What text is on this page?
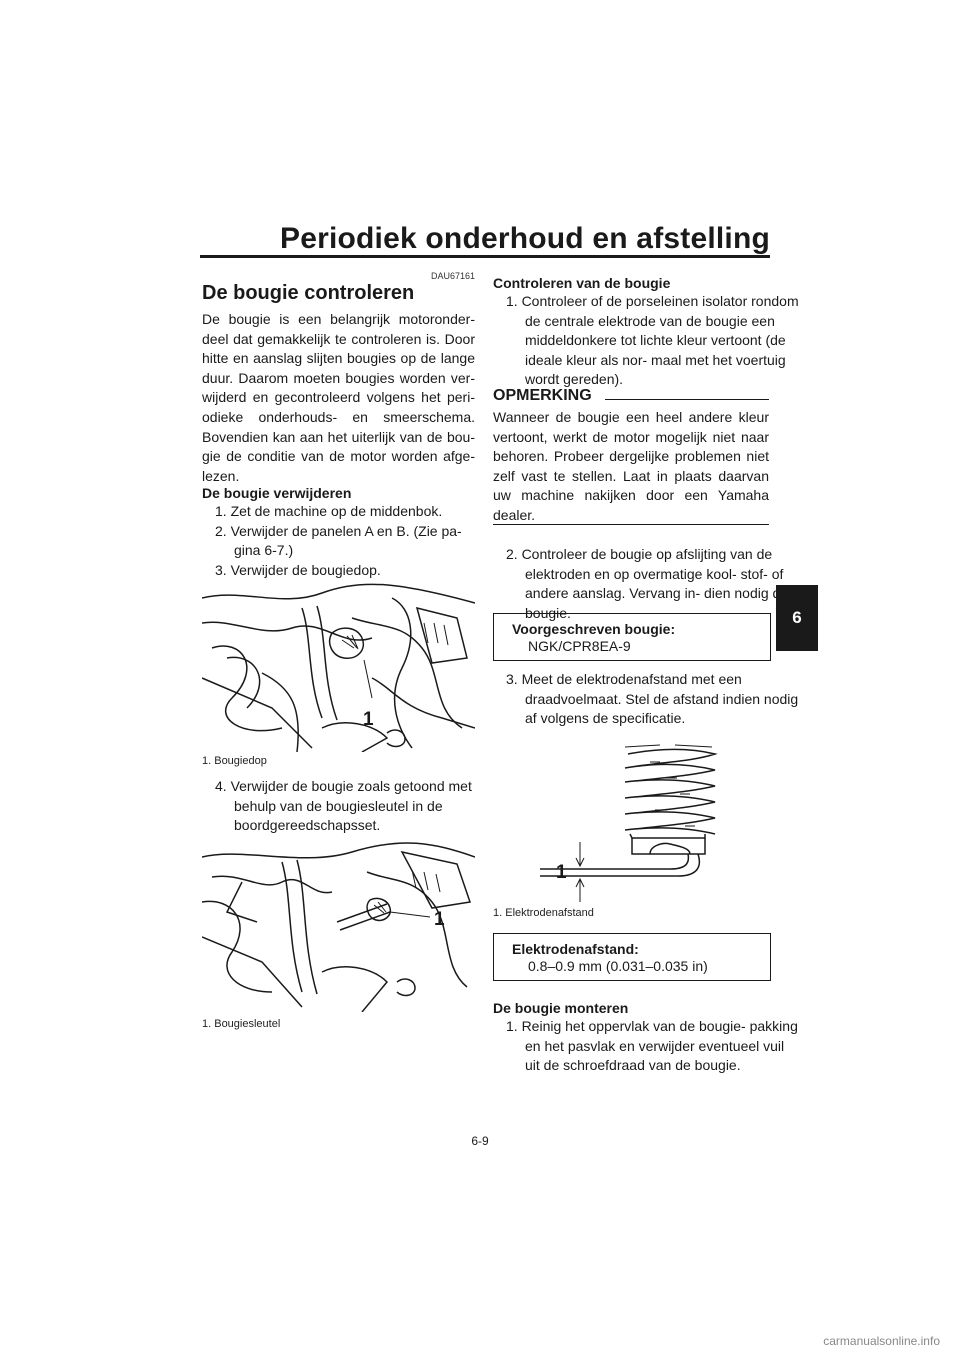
Periodiek onderhoud en afstelling
6
DAU67161
De bougie controleren
De bougie is een belangrijk motoronder- deel dat gemakkelijk te controleren is. Door hitte en aanslag slijten bougies op de lange duur. Daarom moeten bougies worden ver- wijderd en gecontroleerd volgens het peri- odieke onderhouds- en smeerschema. Bovendien kan aan het uiterlijk van de bou- gie de conditie van de motor worden afge- lezen.
De bougie verwijderen
1. Zet de machine op de middenbok.
2. Verwijder de panelen A en B. (Zie pa- gina 6-7.)
3. Verwijder de bougiedop.
1
1. Bougiedop
4. Verwijder de bougie zoals getoond met behulp van de bougiesleutel in de boordgereedschapsset.
1
1. Bougiesleutel
Controleren van de bougie
1. Controleer of de porseleinen isolator rondom de centrale elektrode van de bougie een middeldonkere tot lichte kleur vertoont (de ideale kleur als nor- maal met het voertuig wordt gereden).
OPMERKING
Wanneer de bougie een heel andere kleur vertoont, werkt de motor mogelijk niet naar behoren. Probeer dergelijke problemen niet zelf vast te stellen. Laat in plaats daarvan uw machine nakijken door een Yamaha dealer.
2. Controleer de bougie op afslijting van de elektroden en op overmatige kool- stof- of andere aanslag. Vervang in- dien nodig de bougie.
Voorgeschreven bougie:
NGK/CPR8EA-9
3. Meet de elektrodenafstand met een draadvoelmaat. Stel de afstand indien nodig af volgens de specificatie.
1
1. Elektrodenafstand
Elektrodenafstand:
0.8–0.9 mm (0.031–0.035 in)
De bougie monteren
1. Reinig het oppervlak van de bougie- pakking en het pasvlak en verwijder eventueel vuil uit de schroefdraad van de bougie.
6-9
carmanualsonline.info
